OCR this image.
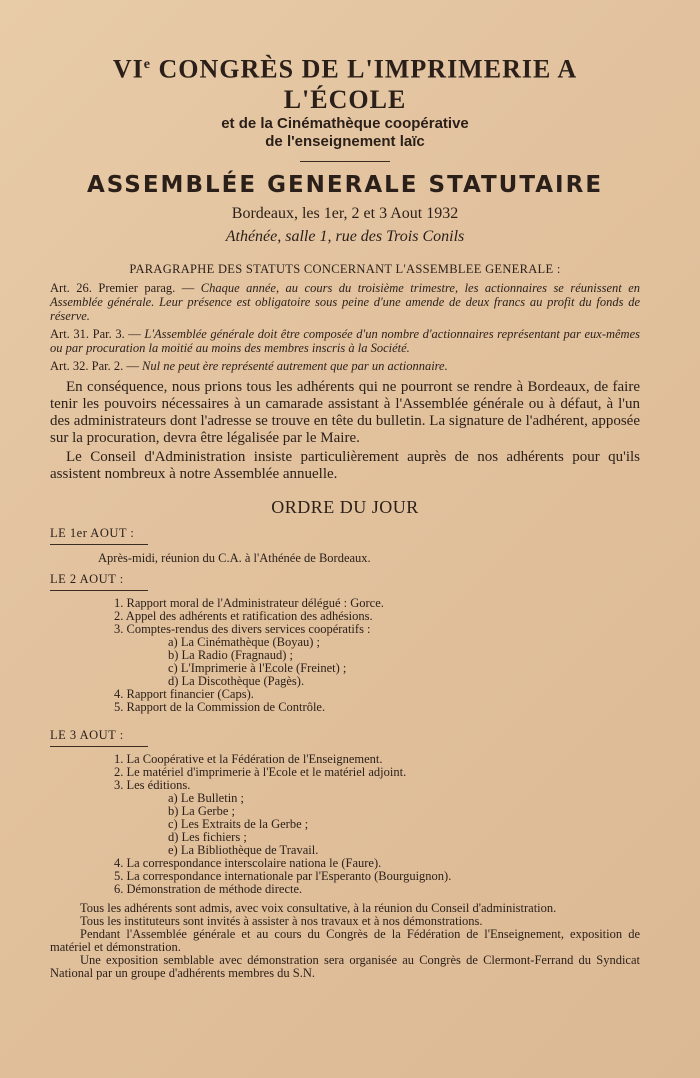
VIe CONGRÈS DE L'IMPRIMERIE A L'ÉCOLE

et de la Cinémathèque coopérative

de l'enseignement laïc

ASSEMBLÉE GENERALE STATUTAIRE

Bordeaux, les 1er, 2 et 3 Aout 1932

Athénée, salle 1, rue des Trois Conils

PARAGRAPHE DES STATUTS CONCERNANT L'ASSEMBLEE GENERALE :

Art. 26. Premier parag. — Chaque année, au cours du troisième trimestre, les actionnaires se réunissent en Assemblée générale. Leur présence est obligatoire sous peine d'une amende de deux francs au profit du fonds de réserve.

Art. 31. Par. 3. — L'Assemblée générale doit être composée d'un nombre d'actionnaires représentant par eux-mêmes ou par procuration la moitié au moins des membres inscris à la Société.

Art. 32. Par. 2. — Nul ne peut ère représenté autrement que par un actionnaire.

En conséquence, nous prions tous les adhérents qui ne pourront se rendre à Bordeaux, de faire tenir les pouvoirs nécessaires à un camarade assistant à l'Assemblée générale ou à défaut, à l'un des administrateurs dont l'adresse se trouve en tête du bulletin. La signature de l'adhérent, apposée sur la procuration, devra être légalisée par le Maire.

Le Conseil d'Administration insiste particulièrement auprès de nos adhérents pour qu'ils assistent nombreux à notre Assemblée annuelle.

ORDRE DU JOUR

LE 1er AOUT :

Après-midi, réunion du C.A. à l'Athénée de Bordeaux.

LE 2 AOUT :

1. Rapport moral de l'Administrateur délégué : Gorce.

2. Appel des adhérents et ratification des adhésions.

3. Comptes-rendus des divers services coopératifs :

a) La Cinémathèque (Boyau) ;

b) La Radio (Fragnaud) ;

c) L'Imprimerie à l'Ecole (Freinet) ;

d) La Discothèque (Pagès).

4. Rapport financier (Caps).

5. Rapport de la Commission de Contrôle.

LE 3 AOUT :

1. La Coopérative et la Fédération de l'Enseignement.

2. Le matériel d'imprimerie à l'Ecole et le matériel adjoint.

3. Les éditions.

a) Le Bulletin ;

b) La Gerbe ;

c) Les Extraits de la Gerbe ;

d) Les fichiers ;

e) La Bibliothèque de Travail.

4. La correspondance interscolaire nationa le (Faure).

5. La correspondance internationale par l'Esperanto (Bourguignon).

6. Démonstration de méthode directe.

Tous les adhérents sont admis, avec voix consultative, à la réunion du Conseil d'administration.

Tous les instituteurs sont invités à assister à nos travaux et à nos démonstrations.

Pendant l'Assemblée générale et au cours du Congrès de la Fédération de l'Enseignement, exposition de matériel et démonstration.

Une exposition semblable avec démonstration sera organisée au Congrès de Clermont-Ferrand du Syndicat National par un groupe d'adhérents membres du S.N.
